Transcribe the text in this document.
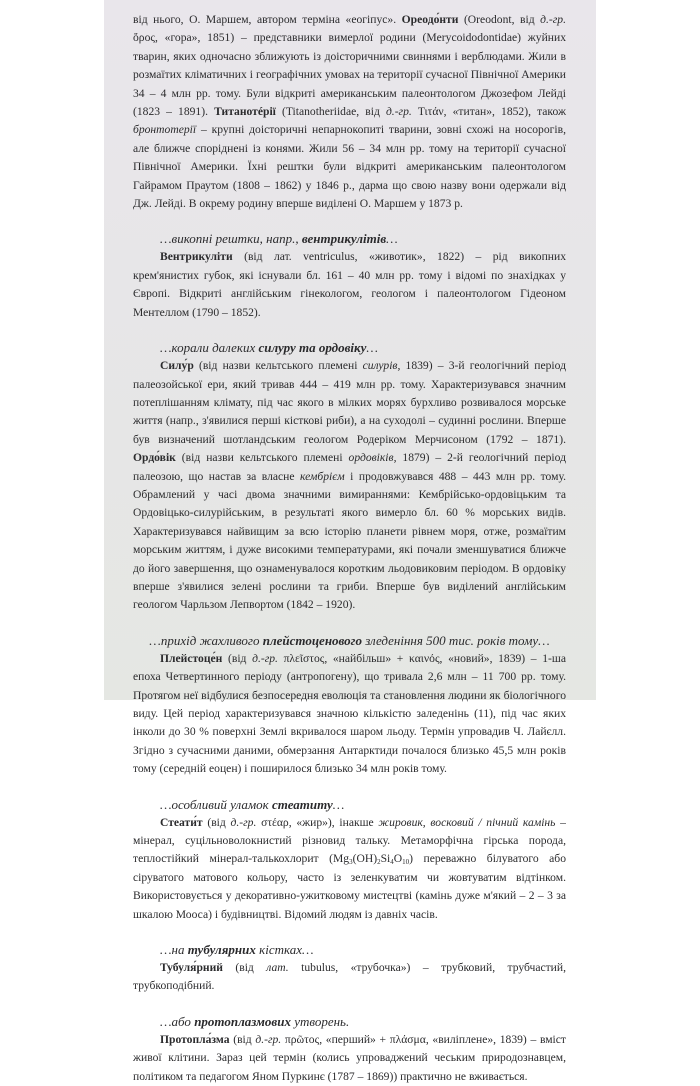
від нього, О. Маршем, автором терміна «еогіпус». Ореодо́нти (Oreodont, від д.-гр. ὄρος, «гора», 1851) – представники вимерлої родини (Merycoidodontidae) жуйних тварин, яких одночасно зближують із доісторичними свиннями і верблюдами. Жили в розмаїтих кліматичних і географічних умовах на території сучасної Північної Америки 34 – 4 млн рр. тому. Були відкриті американським палеонтологом Джозефом Лейді (1823 – 1891). Титанотéрії (Titanotheriidae, від д.-гр. Τιτάν, «титан», 1852), також бронтотерії – крупні доісторичні непарнокопиті тварини, зовні схожі на носорогів, але ближче споріднені із конями. Жили 56 – 34 млн рр. тому на території сучасної Північної Америки. Їхні рештки були відкриті американським палеонтологом Гайрамом Праутом (1808 – 1862) у 1846 р., дарма що свою назву вони одержали від Дж. Лейді. В окрему родину вперше виділені О. Маршем у 1873 р.

…викопні рештки, напр., вентрикулітів…

Вентрикуліти (від лат. ventriculus, «животик», 1822) – рід викопних крем'янистих губок, які існували бл. 161 – 40 млн рр. тому і відомі по знахідках у Європі. Відкриті англійським гінекологом, геологом і палеонтологом Гідеоном Ментеллом (1790 – 1852).

…корали далеких силуру та ордовіку…

Силу́р (від назви кельтського племені силурів, 1839) – 3-й геологічний період палеозойської ери, який тривав 444 – 419 млн рр. тому. Характеризувався значним потеплішанням клімату, під час якого в мілких морях бурхливо розвивалося морське життя (напр., з'явилися перші кісткові риби), а на суходолі – судинні рослини. Вперше був визначений шотландським геологом Родеріком Мерчисоном (1792 – 1871). Ордо́вік (від назви кельтського племені ордовіків, 1879) – 2-й геологічний період палеозою, що настав за власне кембрієм і продовжувався 488 – 443 млн рр. тому. Обрамлений у часі двома значними вимираннями: Кембрійсько-ордовіцьким та Ордовіцько-силурійським, в результаті якого вимерло бл. 60 % морських видів. Характеризувався найвищим за всю історію планети рівнем моря, отже, розмаїтим морським життям, і дуже високими температурами, які почали зменшуватися ближче до його завершення, що ознаменувалося коротким льодовиковим періодом. В ордовіку вперше з'явилися зелені рослини та гриби. Вперше був виділений англійським геологом Чарльзом Лепвортом (1842 – 1920).

…прихід жахливого плейстоценового зледеніння 500 тис. років тому…

Плейстоце́н (від д.-гр. πλεῖστος, «найбільш» + καινός, «новий», 1839) – 1-ша епоха Четвертинного періоду (антропогену), що тривала 2,6 млн – 11 700 рр. тому. Протягом неї відбулися безпосередня еволюція та становлення людини як біологічного виду. Цей період характеризувався значною кількістю заледенінь (11), під час яких інколи до 30 % поверхні Землі вкривалося шаром льоду. Термін упровадив Ч. Лайєлл. Згідно з сучасними даними, обмерзання Антарктиди почалося близько 45,5 млн років тому (середній еоцен) і поширилося близько 34 млн років тому.

…особливий уламок стеатиту…

Стеати́т (від д.-гр. στέαρ, «жир»), інакше жировик, восковий / пічний камінь – мінерал, суцільноволокнистий різновид тальку. Метаморфічна гірська порода, теплостійкий мінерал-талькохлорит $(Mg_3(OH)_2Si_4O_{10})$ переважно білуватого або сіруватого матового кольору, часто із зеленкуватим чи жовтуватим відтінком. Використовується у декоративно-ужитковому мистецтві (камінь дуже м'який – 2 – 3 за шкалою Мооса) і будівництві. Відомий людям із давніх часів.

…на тубулярних кістках…

Тубуля́рний (від лат. tubulus, «трубочка») – трубковий, трубчастий, трубкоподібний.

…або протоплазмових утворень.

Протопла́зма (від д.-гр. πρῶτος, «перший» + πλάσμα, «виліплене», 1839) – вміст живої клітини. Зараз цей термін (колись упроваджений чеським природознавцем, політиком та педагогом Яном Пуркинє (1787 – 1869)) практично не вживається.
